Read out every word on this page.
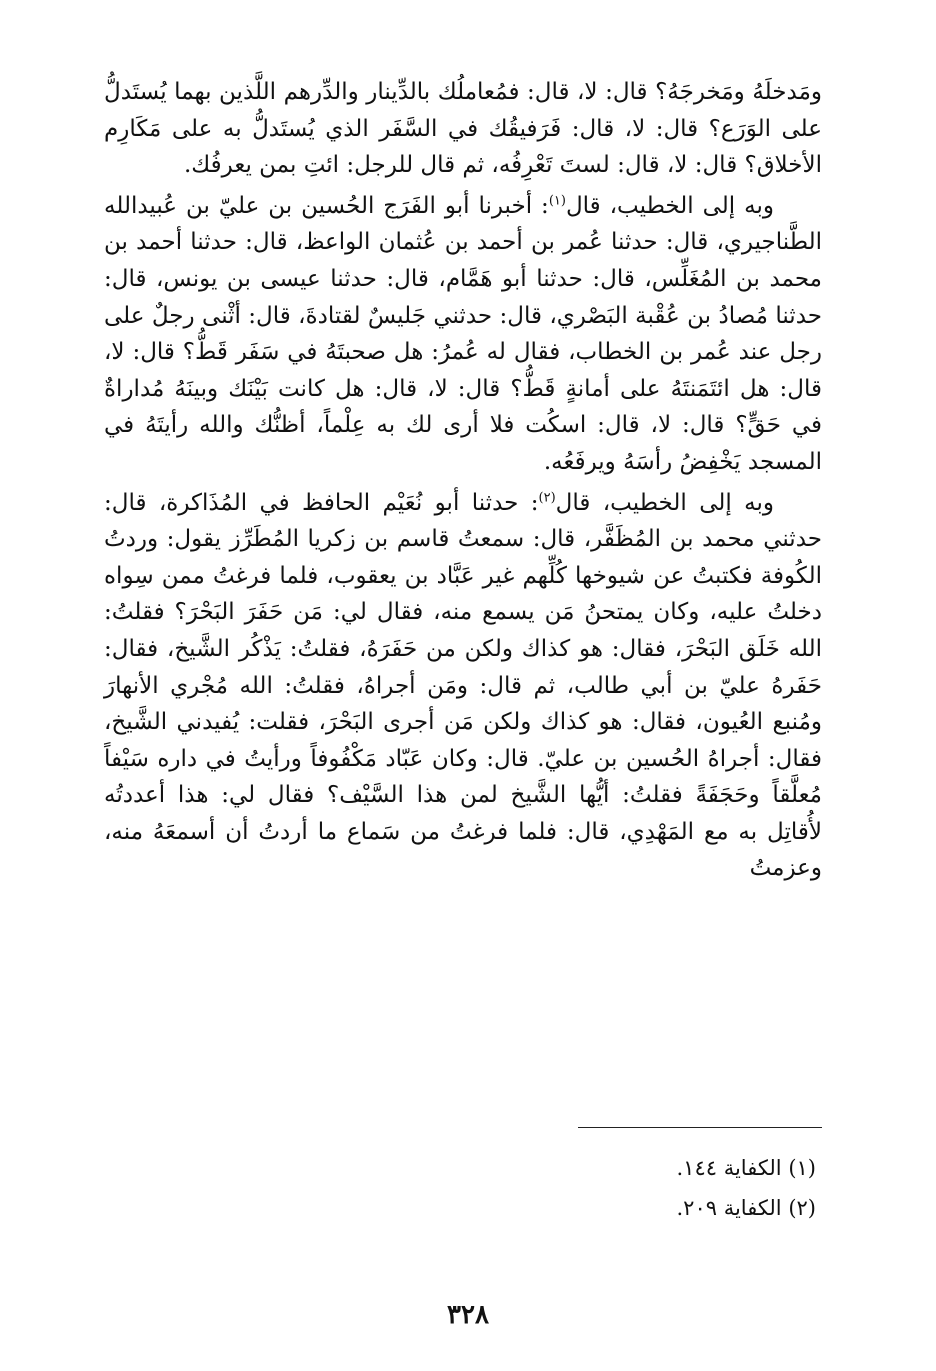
ومَدخلَهُ ومَخرجَهُ؟ قال: لا، قال: فمُعاملُك بالدِّينار والدِّرهم اللَّذين بهما يُستَدلُّ على الوَرَع؟ قال: لا، قال: فَرَفيقُك في السَّفَر الذي يُستَدلُّ به على مَكَارِم الأخلاق؟ قال: لا، قال: لستَ تَعْرِفُه، ثم قال للرجل: ائتِ بمن يعرفُك.

وبه إلى الخطيب، قال$^{(١)}$: أخبرنا أبو الفَرَج الحُسين بن عليّ بن عُبيدالله الطَّناجيري، قال: حدثنا عُمر بن أحمد بن عُثمان الواعظ، قال: حدثنا أحمد بن محمد بن المُغَلِّس، قال: حدثنا أبو هَمَّام، قال: حدثنا عيسى بن يونس، قال: حدثنا مُصادُ بن عُقْبة البَصْري، قال: حدثني جَليسٌ لقتادةَ، قال: أثْنى رجلٌ على رجل عند عُمر بن الخطاب، فقال له عُمرُ: هل صحبتَهُ في سَفَر قَطُّ؟ قال: لا، قال: هل ائتَمَنتَهُ على أمانةٍ قَطُّ؟ قال: لا، قال: هل كانت بَيْنَك وبينَهُ مُداراةٌ في حَقٍّ؟ قال: لا، قال: اسكُت فلا أرى لك به عِلْماً، أظنُّك والله رأيتَهُ في المسجد يَخْفِضُ رأسَهُ ويرفَعُه.

وبه إلى الخطيب، قال$^{(٢)}$: حدثنا أبو نُعَيْم الحافظ في المُذَاكرة، قال: حدثني محمد بن المُظَفَّر، قال: سمعتُ قاسم بن زكريا المُطَرِّز يقول: وردتُ الكُوفة فكتبتُ عن شيوخها كُلِّهم غير عَبَّاد بن يعقوب، فلما فرغتُ ممن سِواه دخلتُ عليه، وكان يمتحنُ مَن يسمع منه، فقال لي: مَن حَفَرَ البَحْرَ؟ فقلتُ: الله خَلَق البَحْرَ، فقال: هو كذاك ولكن من حَفَرَهُ، فقلتُ: يَذْكُر الشَّيخ، فقال: حَفَرهُ عليّ بن أبي طالب، ثم قال: ومَن أجراهُ، فقلتُ: الله مُجْري الأنهارَ ومُنبع العُيون، فقال: هو كذاك ولكن مَن أجرى البَحْرَ، فقلت: يُفيدني الشَّيخ، فقال: أجراهُ الحُسين بن عليّ. قال: وكان عَبّاد مَكْفُوفاً ورأيتُ في داره سَيْفاً مُعلَّقاً وحَجَفَةً فقلتُ: أيُّها الشَّيخ لمن هذا السَّيْف؟ فقال لي: هذا أعددتُه لأُقاتِل به مع المَهْدِي، قال: فلما فرغتُ من سَماع ما أردتُ أن أسمعَهُ منه، وعزمتُ

(١) الكفاية ١٤٤.
(٢) الكفاية ٢٠٩.
٣٢٨
